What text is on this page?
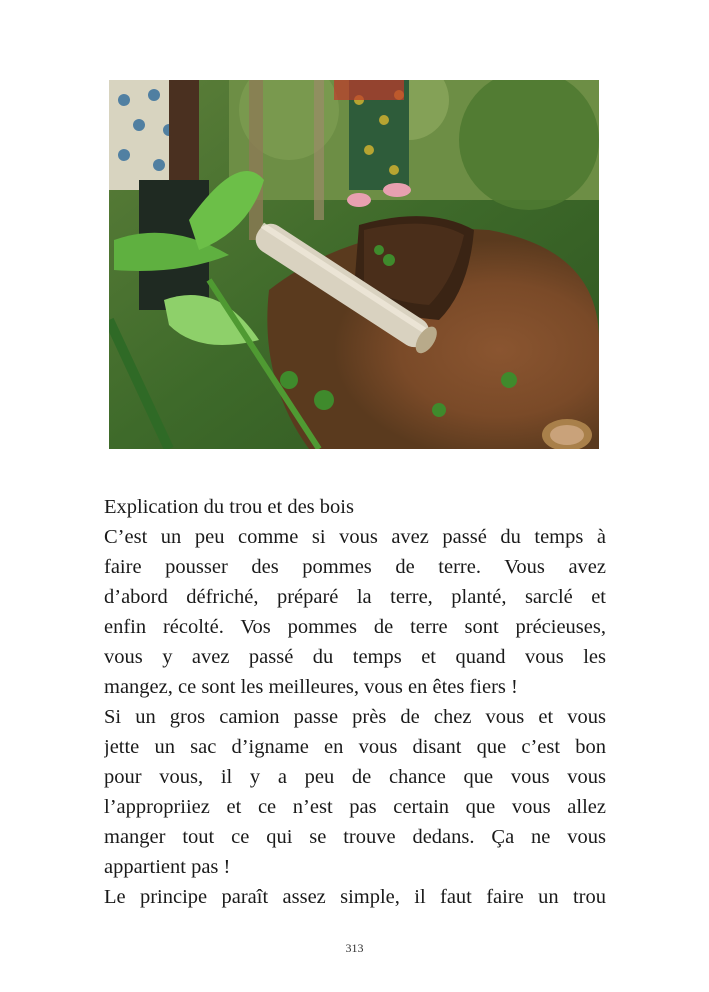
Explication du trou et des bois
C’est un peu comme si vous avez passé du temps à
faire pousser des pommes de terre. Vous avez
d’abord défriché, préparé la terre, planté, sarclé et
enfin récolté. Vos pommes de terre sont précieuses,
vous y avez passé du temps et quand vous les
mangez, ce sont les meilleures, vous en êtes fiers !
Si un gros camion passe près de chez vous et vous
jette un sac d’igname en vous disant que c’est bon
pour vous, il y a peu de chance que vous vous
l’appropriiez et ce n’est pas certain que vous allez
manger tout ce qui se trouve dedans. Ça ne vous
appartient pas !
Le principe paraît assez simple, il faut faire un trou
313
